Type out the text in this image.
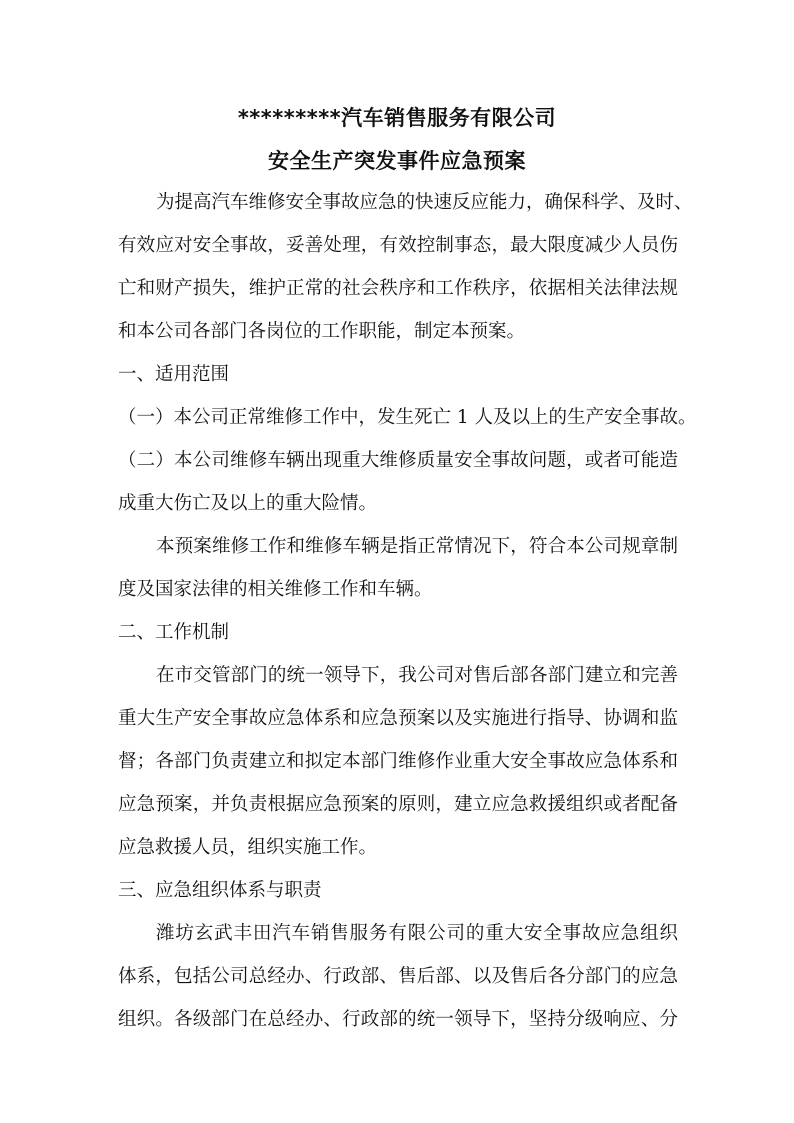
*********汽车销售服务有限公司
安全生产突发事件应急预案

为提高汽车维修安全事故应急的快速反应能力，确保科学、及时、

有效应对安全事故，妥善处理，有效控制事态，最大限度减少人员伤

亡和财产损失，维护正常的社会秩序和工作秩序，依据相关法律法规

和本公司各部门各岗位的工作职能，制定本预案。

一、适用范围

（一）本公司正常维修工作中，发生死亡 1 人及以上的生产安全事故。

（二）本公司维修车辆出现重大维修质量安全事故问题，或者可能造

成重大伤亡及以上的重大险情。

本预案维修工作和维修车辆是指正常情况下，符合本公司规章制

度及国家法律的相关维修工作和车辆。

二、工作机制

在市交管部门的统一领导下，我公司对售后部各部门建立和完善

重大生产安全事故应急体系和应急预案以及实施进行指导、协调和监

督；各部门负责建立和拟定本部门维修作业重大安全事故应急体系和

应急预案，并负责根据应急预案的原则，建立应急救援组织或者配备

应急救援人员，组织实施工作。

三、应急组织体系与职责

潍坊玄武丰田汽车销售服务有限公司的重大安全事故应急组织

体系，包括公司总经办、行政部、售后部、以及售后各分部门的应急

组织。各级部门在总经办、行政部的统一领导下，坚持分级响应、分
